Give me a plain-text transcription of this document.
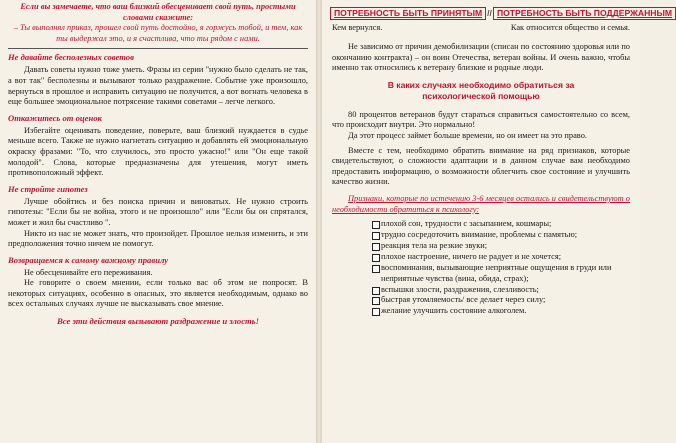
Если вы замечаете, что ваш близкий обесценивает свой путь, простыми словами скажите:
– Ты выполнял приказ, прошел свой путь достойно, я горжусь тобой, и тем, как ты выдержал это, и я счастлива, что ты рядом с нами.
Не давайте бесполезных советов

Давать советы нужно тоже уметь. Фразы из серии "нужно было сделать не так, а вот так" бесполезны и вызывают только раздражение. Событие уже произошло, вернуться в прошлое и исправить ситуацию не получится, а вот вогнать человека в еще большее эмоциональное потрясение такими советами – легче легкого.

Откажитесь от оценок

Избегайте оценивать поведение, поверьте, ваш близкий нуждается в судье меньше всего. Также не нужно нагнетать ситуацию и добавлять ей эмоциональную окраску фразами: "То, что случилось, это просто ужасно!" или "Он еще такой молодой". Слова, которые предназначены для утешения, могут иметь противоположный эффект.

Не стройте гипотез

Лучше обойтись и без поиска причин и виноватых. Не нужно строить гипотезы: "Если бы не война, этого и не произошло" или "Если бы он спрятался, может и жил бы счастливо ".

Никто из нас не может знать, что произойдет. Прошлое нельзя изменить, и эти предположения точно ничем не помогут.

Возвращаемся к самому важному правилу

Не обесценивайте его переживания.

Не говорите о своем мнении, если только вас об этом не попросят. В некоторых ситуациях, особенно в опасных, это является необходимым, однако во всех остальных случаях лучше не высказывать свое мнение.

Все эти действия вызывают раздражение и злость!
ПОТРЕБНОСТЬ БЫТЬ ПРИНЯТЫМ // ПОТРЕБНОСТЬ БЫТЬ ПОДДЕРЖАННЫМ
Кем вернулся.	Как относится общество и семья.

Не зависимо от причин демобилизации (списан по состоянию здоровья или по окончанию контракта) – он воин Отечества, ветеран войны. И очень важно, чтобы именно так относились к ветерану близкие и родные люди.

В каких случаях необходимо обратиться за
психологической помощью

80 процентов ветеранов будут стараться справиться самостоятельно со всем, что происходит внутри. Это нормально!

Да этот процесс займет больше времени, но он имеет на это право.

Вместе с тем, необходимо обратить внимание на ряд признаков, которые свидетельствуют, о сложности адаптации и в данном случае вам необходимо предоставить информацию, о возможности облегчить свое состояние и улучшить качество жизни.

Признаки, которые по истечению 3-6 месяцев остались и свидетельствуют о необходимости обратиться к психологу:
плохой сон, трудности с засыпанием, кошмары;
трудно сосредоточить внимание, проблемы с памятью;
реакция тела на резкие звуки;
плохое настроение, ничего не радует и не хочется;
воспоминания, вызывающие неприятные ощущения в груди или неприятные чувства (вина, обида, страх);
вспышки злости, раздражения, слезливость;
быстрая утомляемость/ все делает через силу;
желание улучшить состояние алкоголем.
